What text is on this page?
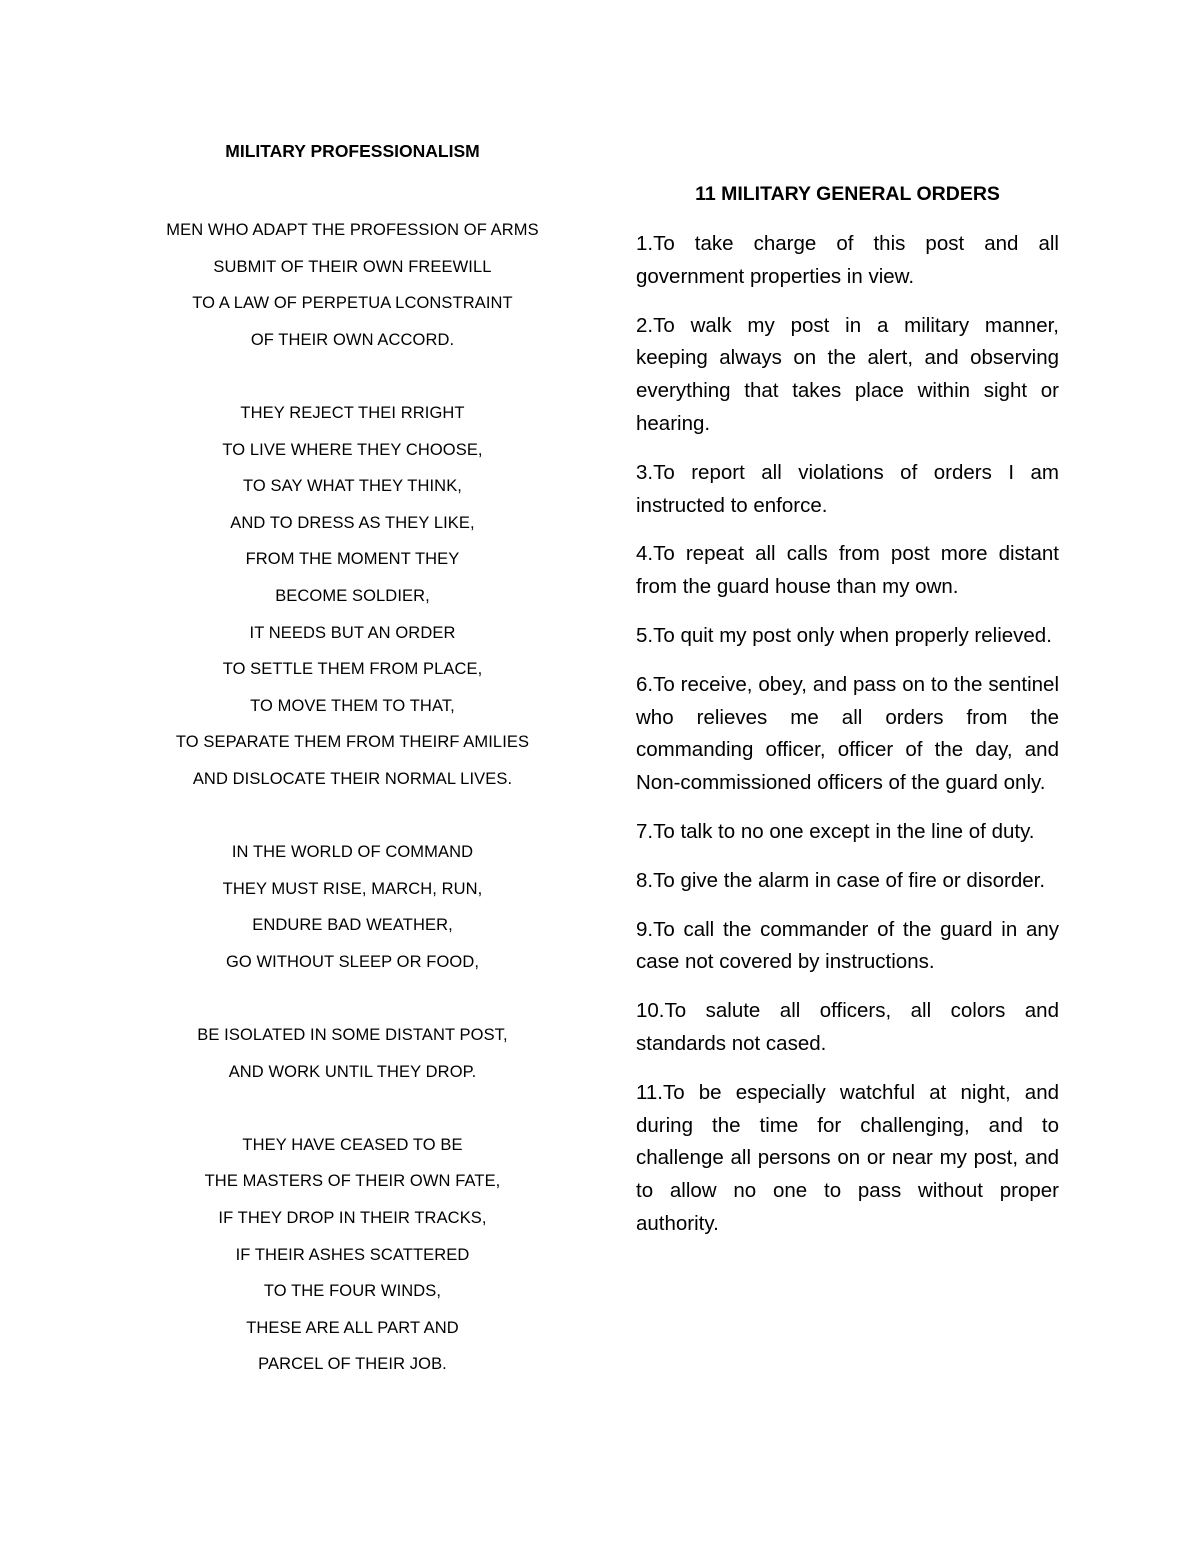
MILITARY PROFESSIONALISM
MEN WHO ADAPT THE PROFESSION OF ARMS
SUBMIT OF THEIR OWN FREEWILL
TO A LAW OF PERPETUA LCONSTRAINT
OF THEIR OWN ACCORD.
THEY REJECT THEI RRIGHT
TO LIVE WHERE THEY CHOOSE,
TO SAY WHAT THEY THINK,
AND TO DRESS AS THEY LIKE,
FROM THE MOMENT THEY
BECOME SOLDIER,
IT NEEDS BUT AN ORDER
TO SETTLE THEM FROM PLACE,
TO MOVE THEM TO THAT,
TO SEPARATE THEM FROM THEIRF AMILIES
AND DISLOCATE THEIR NORMAL LIVES.
IN THE WORLD OF COMMAND
THEY MUST RISE, MARCH, RUN,
ENDURE BAD WEATHER,
GO WITHOUT SLEEP OR FOOD,
BE ISOLATED IN SOME DISTANT POST,
AND WORK UNTIL THEY DROP.
THEY HAVE CEASED TO BE
THE MASTERS OF THEIR OWN FATE,
IF THEY DROP IN THEIR TRACKS,
IF THEIR ASHES SCATTERED
TO THE FOUR WINDS,
THESE ARE ALL PART AND
PARCEL OF THEIR JOB.
11 MILITARY GENERAL ORDERS
1.To take charge of this post and all government properties in view.
2.To walk my post in a military manner, keeping always on the alert, and observing everything that takes place within sight or hearing.
3.To report all violations of orders I am instructed to enforce.
4.To repeat all calls from post more distant from the guard house than my own.
5.To quit my post only when properly relieved.
6.To receive, obey, and pass on to the sentinel who relieves me all orders from the commanding officer, officer of the day, and Non-commissioned officers of the guard only.
7.To talk to no one except in the line of duty.
8.To give the alarm in case of fire or disorder.
9.To call the commander of the guard in any case not covered by instructions.
10.To salute all officers, all colors and standards not cased.
11.To be especially watchful at night, and during the time for challenging, and to challenge all persons on or near my post, and to allow no one to pass without proper authority.
